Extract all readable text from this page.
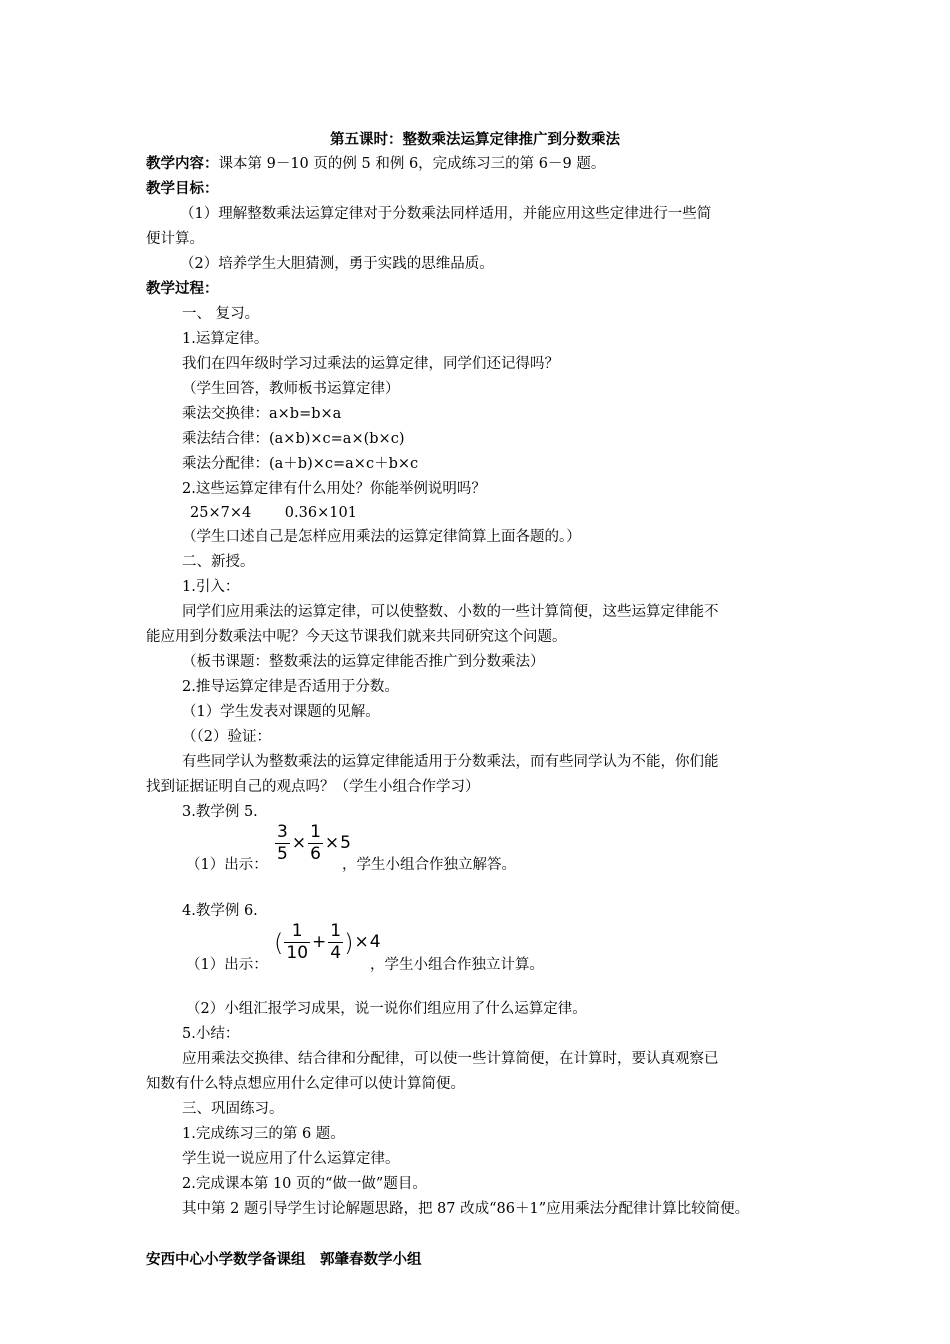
第五课时：整数乘法运算定律推广到分数乘法
教学内容：课本第 9－10 页的例 5 和例 6，完成练习三的第 6－9 题。
教学目标：
（1）理解整数乘法运算定律对于分数乘法同样适用，并能应用这些定律进行一些简
便计算。
（2）培养学生大胆猜测，勇于实践的思维品质。
教学过程：
一、 复习。
1.运算定律。
我们在四年级时学习过乘法的运算定律，同学们还记得吗？
（学生回答，教师板书运算定律）
乘法交换律：a×b=b×a
乘法结合律：(a×b)×c=a×(b×c)
乘法分配律：(a＋b)×c=a×c＋b×c
2.这些运算定律有什么用处？你能举例说明吗？
25×7×4 　　0.36×101
（学生口述自己是怎样应用乘法的运算定律简算上面各题的。）
二、新授。
1.引入：
同学们应用乘法的运算定律，可以使整数、小数的一些计算简便，这些运算定律能不
能应用到分数乘法中呢？今天这节课我们就来共同研究这个问题。
（板书课题：整数乘法的运算定律能否推广到分数乘法）
2.推导运算定律是否适用于分数。
（1）学生发表对课题的见解。
（（2）验证：
有些同学认为整数乘法的运算定律能适用于分数乘法，而有些同学认为不能，你们能
找到证据证明自己的观点吗？（学生小组合作学习）
3.教学例 5.
$\frac{3}{5} \times \frac{1}{6} \times 5$
（1）出示：	，学生小组合作独立解答。
4.教学例 6.
( $\frac{1}{10} + \frac{1}{4}$ ) × 4
（1）出示：	，学生小组合作独立计算。
（2）小组汇报学习成果，说一说你们组应用了什么运算定律。
5.小结：
应用乘法交换律、结合律和分配律，可以使一些计算简便，在计算时，要认真观察已
知数有什么特点想应用什么定律可以使计算简便。
三、巩固练习。
1.完成练习三的第 6 题。
学生说一说应用了什么运算定律。
2.完成课本第 10 页的“做一做”题目。
其中第 2 题引导学生讨论解题思路，把 87 改成“86＋1”应用乘法分配律计算比较简便。
安西中心小学数学备课组　郭肇春数学小组
